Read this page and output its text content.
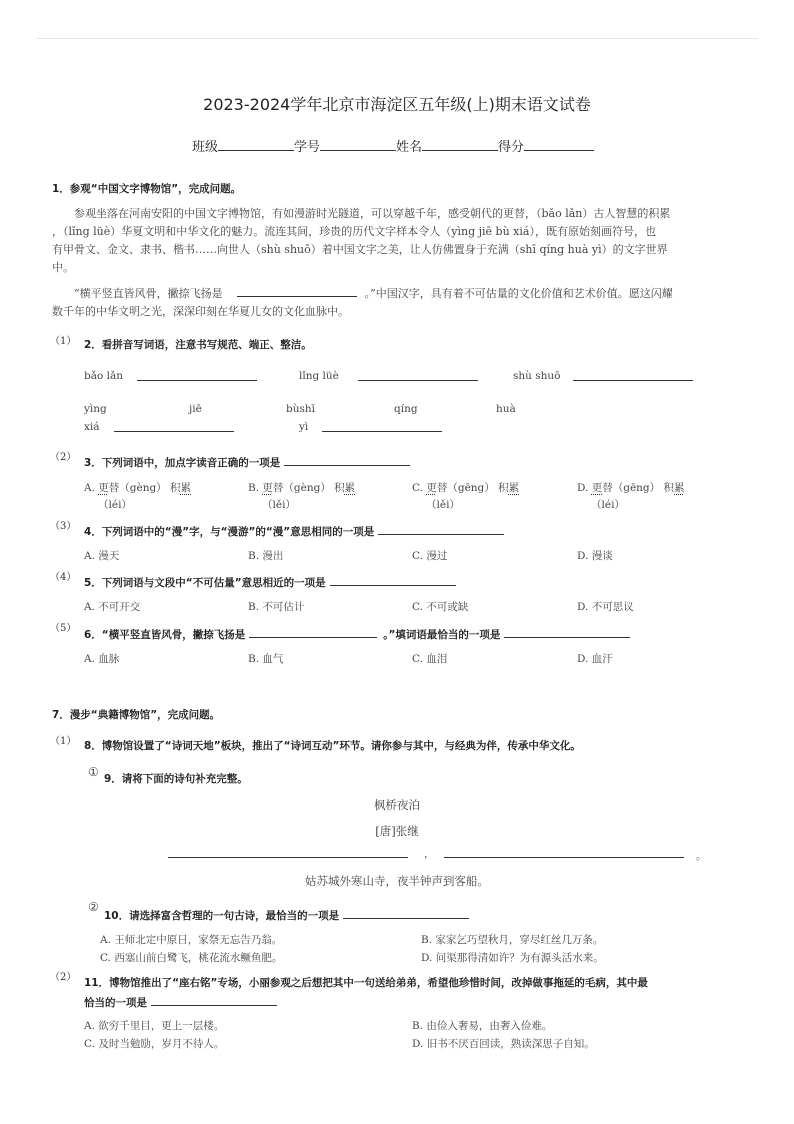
2023-2024学年北京市海淀区五年级(上)期末语文试卷
班级	学号	姓名	得分
1．参观“中国文字博物馆”，完成问题。
参观坐落在河南安阳的中国文字博物馆，有如漫游时光隧道，可以穿越千年，感受朝代的更替，（bǎo lǎn）古人智慧的积累
，（lǐng lüè）华夏文明和中华文化的魅力。流连其间，珍贵的历代文字样本令人（yìng jiē bù xiá），既有原始刻画符号，也
有甲骨文、金文、隶书、楷书……向世人（shù shuō）着中国文字之美，让人仿佛置身于充满（shī qíng huà yì）的文字世界
中。
“横平竖直皆风骨，撇捺飞扬是	。”中国汉字，具有着不可估量的文化价值和艺术价值。愿这闪耀
数千年的中华文明之光，深深印刻在华夏儿女的文化血脉中。
（1） 2．看拼音写词语，注意书写规范、端正、整洁。
bǎo lǎn	lǐng lüè	shù shuō
yìng	jiē	bùshī	qíng	huà
xiá	yì
（2） 3．下列词语中，加点字读音正确的一项是
A. 更替（gèng） 积累
（léi）
B. 更替（gèng） 积累
（lěi）
C. 更替（gēng） 积累
（lěi）
D. 更替（gēng） 积累
（léi）
（3） 4．下列词语中的“漫”字，与“漫游”的“漫”意思相同的一项是
A. 漫天	B. 漫出	C. 漫过	D. 漫谈
（4） 5．下列词语与文段中“不可估量”意思相近的一项是
A. 不可开交	B. 不可估计	C. 不可或缺	D. 不可思议
（5）
6．“横平竖直皆风骨，撇捺飞扬是	。”填词语最恰当的一项是
A. 血脉	B. 血气	C. 血泪	D. 血汗
7．漫步“典籍博物馆”，完成问题。
（1） 8．博物馆设置了“诗词天地”板块，推出了“诗词互动”环节。请你参与其中，与经典为伴，传承中华文化。
① 9．请将下面的诗句补充完整。
枫桥夜泊
[唐]张继
，	。
姑苏城外寒山寺，夜半钟声到客船。
②
10．请选择富含哲理的一句古诗，最恰当的一项是
A. 王师北定中原日，家祭无忘告乃翁。	B. 家家乞巧望秋月，穿尽红丝几万条。
C. 西塞山前白鹭飞，桃花流水鳜鱼肥。	D. 问渠那得清如许？为有源头活水来。
（2） 11．博物馆推出了“座右铭”专场，小丽参观之后想把其中一句送给弟弟，希望他珍惜时间，改掉做事拖延的毛病，其中最
恰当的一项是
A. 欲穷千里目，更上一层楼。	B. 由俭入奢易，由奢入俭难。
C. 及时当勉励，岁月不待人。	D. 旧书不厌百回读，熟读深思子自知。
